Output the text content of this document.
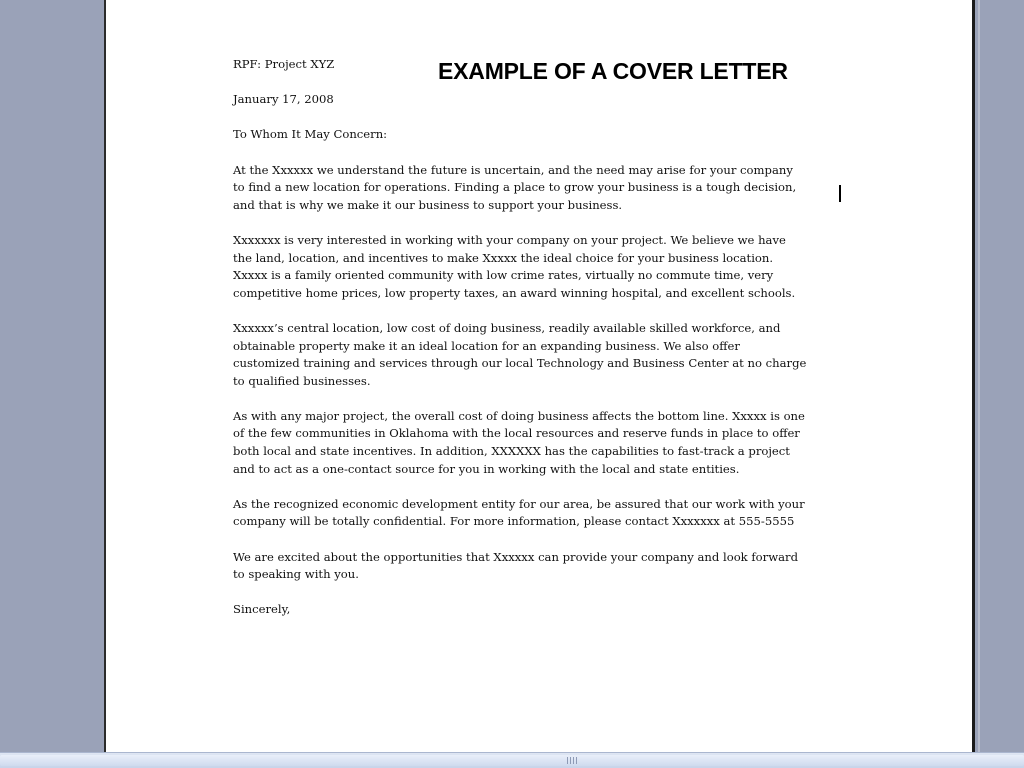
EXAMPLE OF A COVER LETTER

RPF: Project XYZ

January 17, 2008

To Whom It May Concern:

At the Xxxxxx we understand the future is uncertain, and the need may arise for your company
to find a new location for operations. Finding a place to grow your business is a tough decision,
and that is why we make it our business to support your business.

Xxxxxxx is very interested in working with your company on your project. We believe we have
the land, location, and incentives to make Xxxxx the ideal choice for your business location.
Xxxxx is a family oriented community with low crime rates, virtually no commute time, very
competitive home prices, low property taxes, an award winning hospital, and excellent schools.

Xxxxxx’s central location, low cost of doing business, readily available skilled workforce, and
obtainable property make it an ideal location for an expanding business. We also offer
customized training and services through our local Technology and Business Center at no charge
to qualified businesses.

As with any major project, the overall cost of doing business affects the bottom line. Xxxxx is one
of the few communities in Oklahoma with the local resources and reserve funds in place to offer
both local and state incentives. In addition, XXXXXX has the capabilities to fast-track a project
and to act as a one-contact source for you in working with the local and state entities.

As the recognized economic development entity for our area, be assured that our work with your
company will be totally confidential. For more information, please contact Xxxxxxx at 555-5555

We are excited about the opportunities that Xxxxxx can provide your company and look forward
to speaking with you.

Sincerely,
